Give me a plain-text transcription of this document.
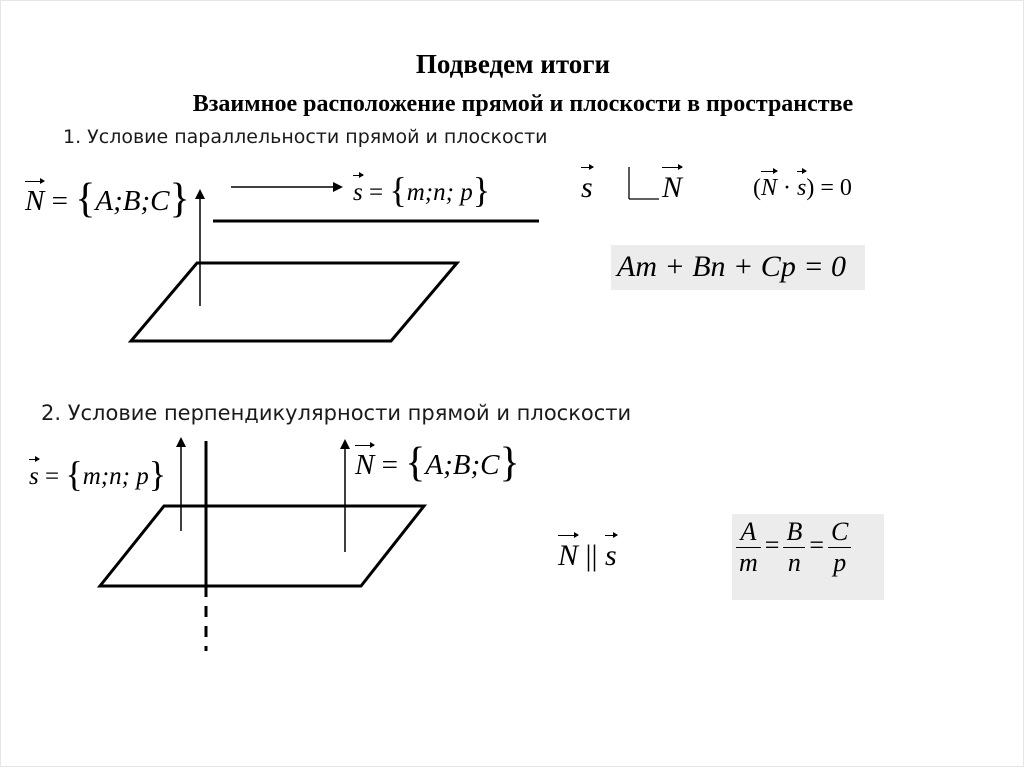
Подведем итоги
Взаимное расположение прямой и плоскости в пространстве
1. Условие параллельности прямой и плоскости
2. Условие перпендикулярности прямой и плоскости
N = {A;B;C}	s = {m;n; p}	s N	(N · s) = 0
Am + Bn + Cp = 0
s = {m;n; p}	N = {A;B;C}
N || s	$\frac{A}{m} = \frac{B}{n} = \frac{C}{p}$
